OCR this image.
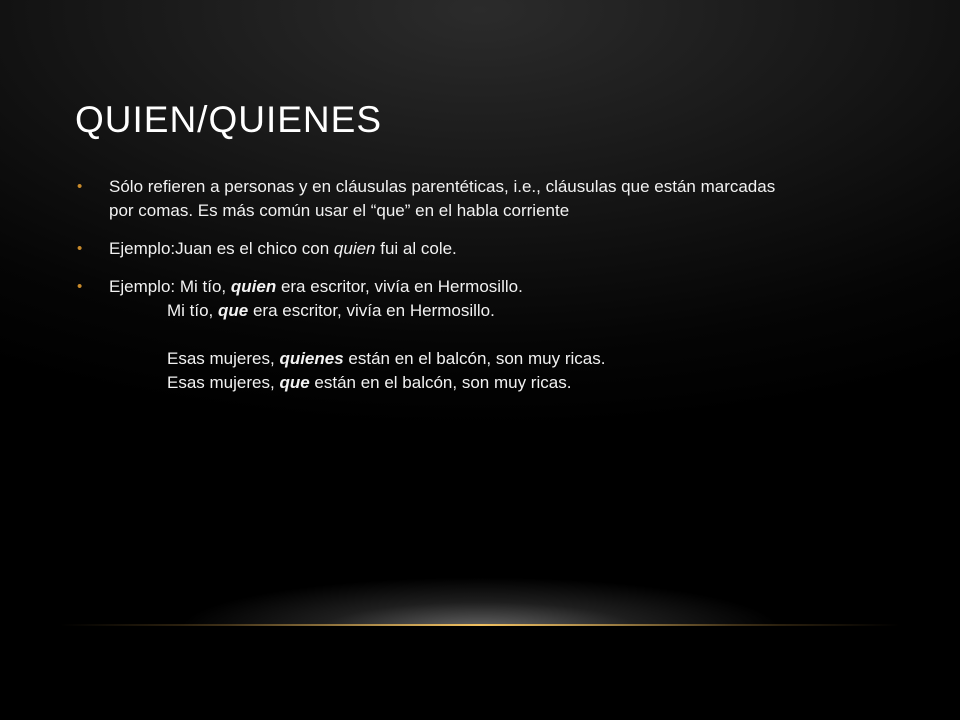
QUIEN/QUIENES
• Sólo refieren a personas y en cláusulas parentéticas, i.e., cláusulas que están marcadas
por comas. Es más común usar el “que” en el habla corriente
• Ejemplo:Juan es el chico con quien fui al cole.
• Ejemplo: Mi tío, quien era escritor, vivía en Hermosillo.
Mi tío, que era escritor, vivía en Hermosillo.
Esas mujeres, quienes están en el balcón, son muy ricas.
Esas mujeres, que están en el balcón, son muy ricas.
